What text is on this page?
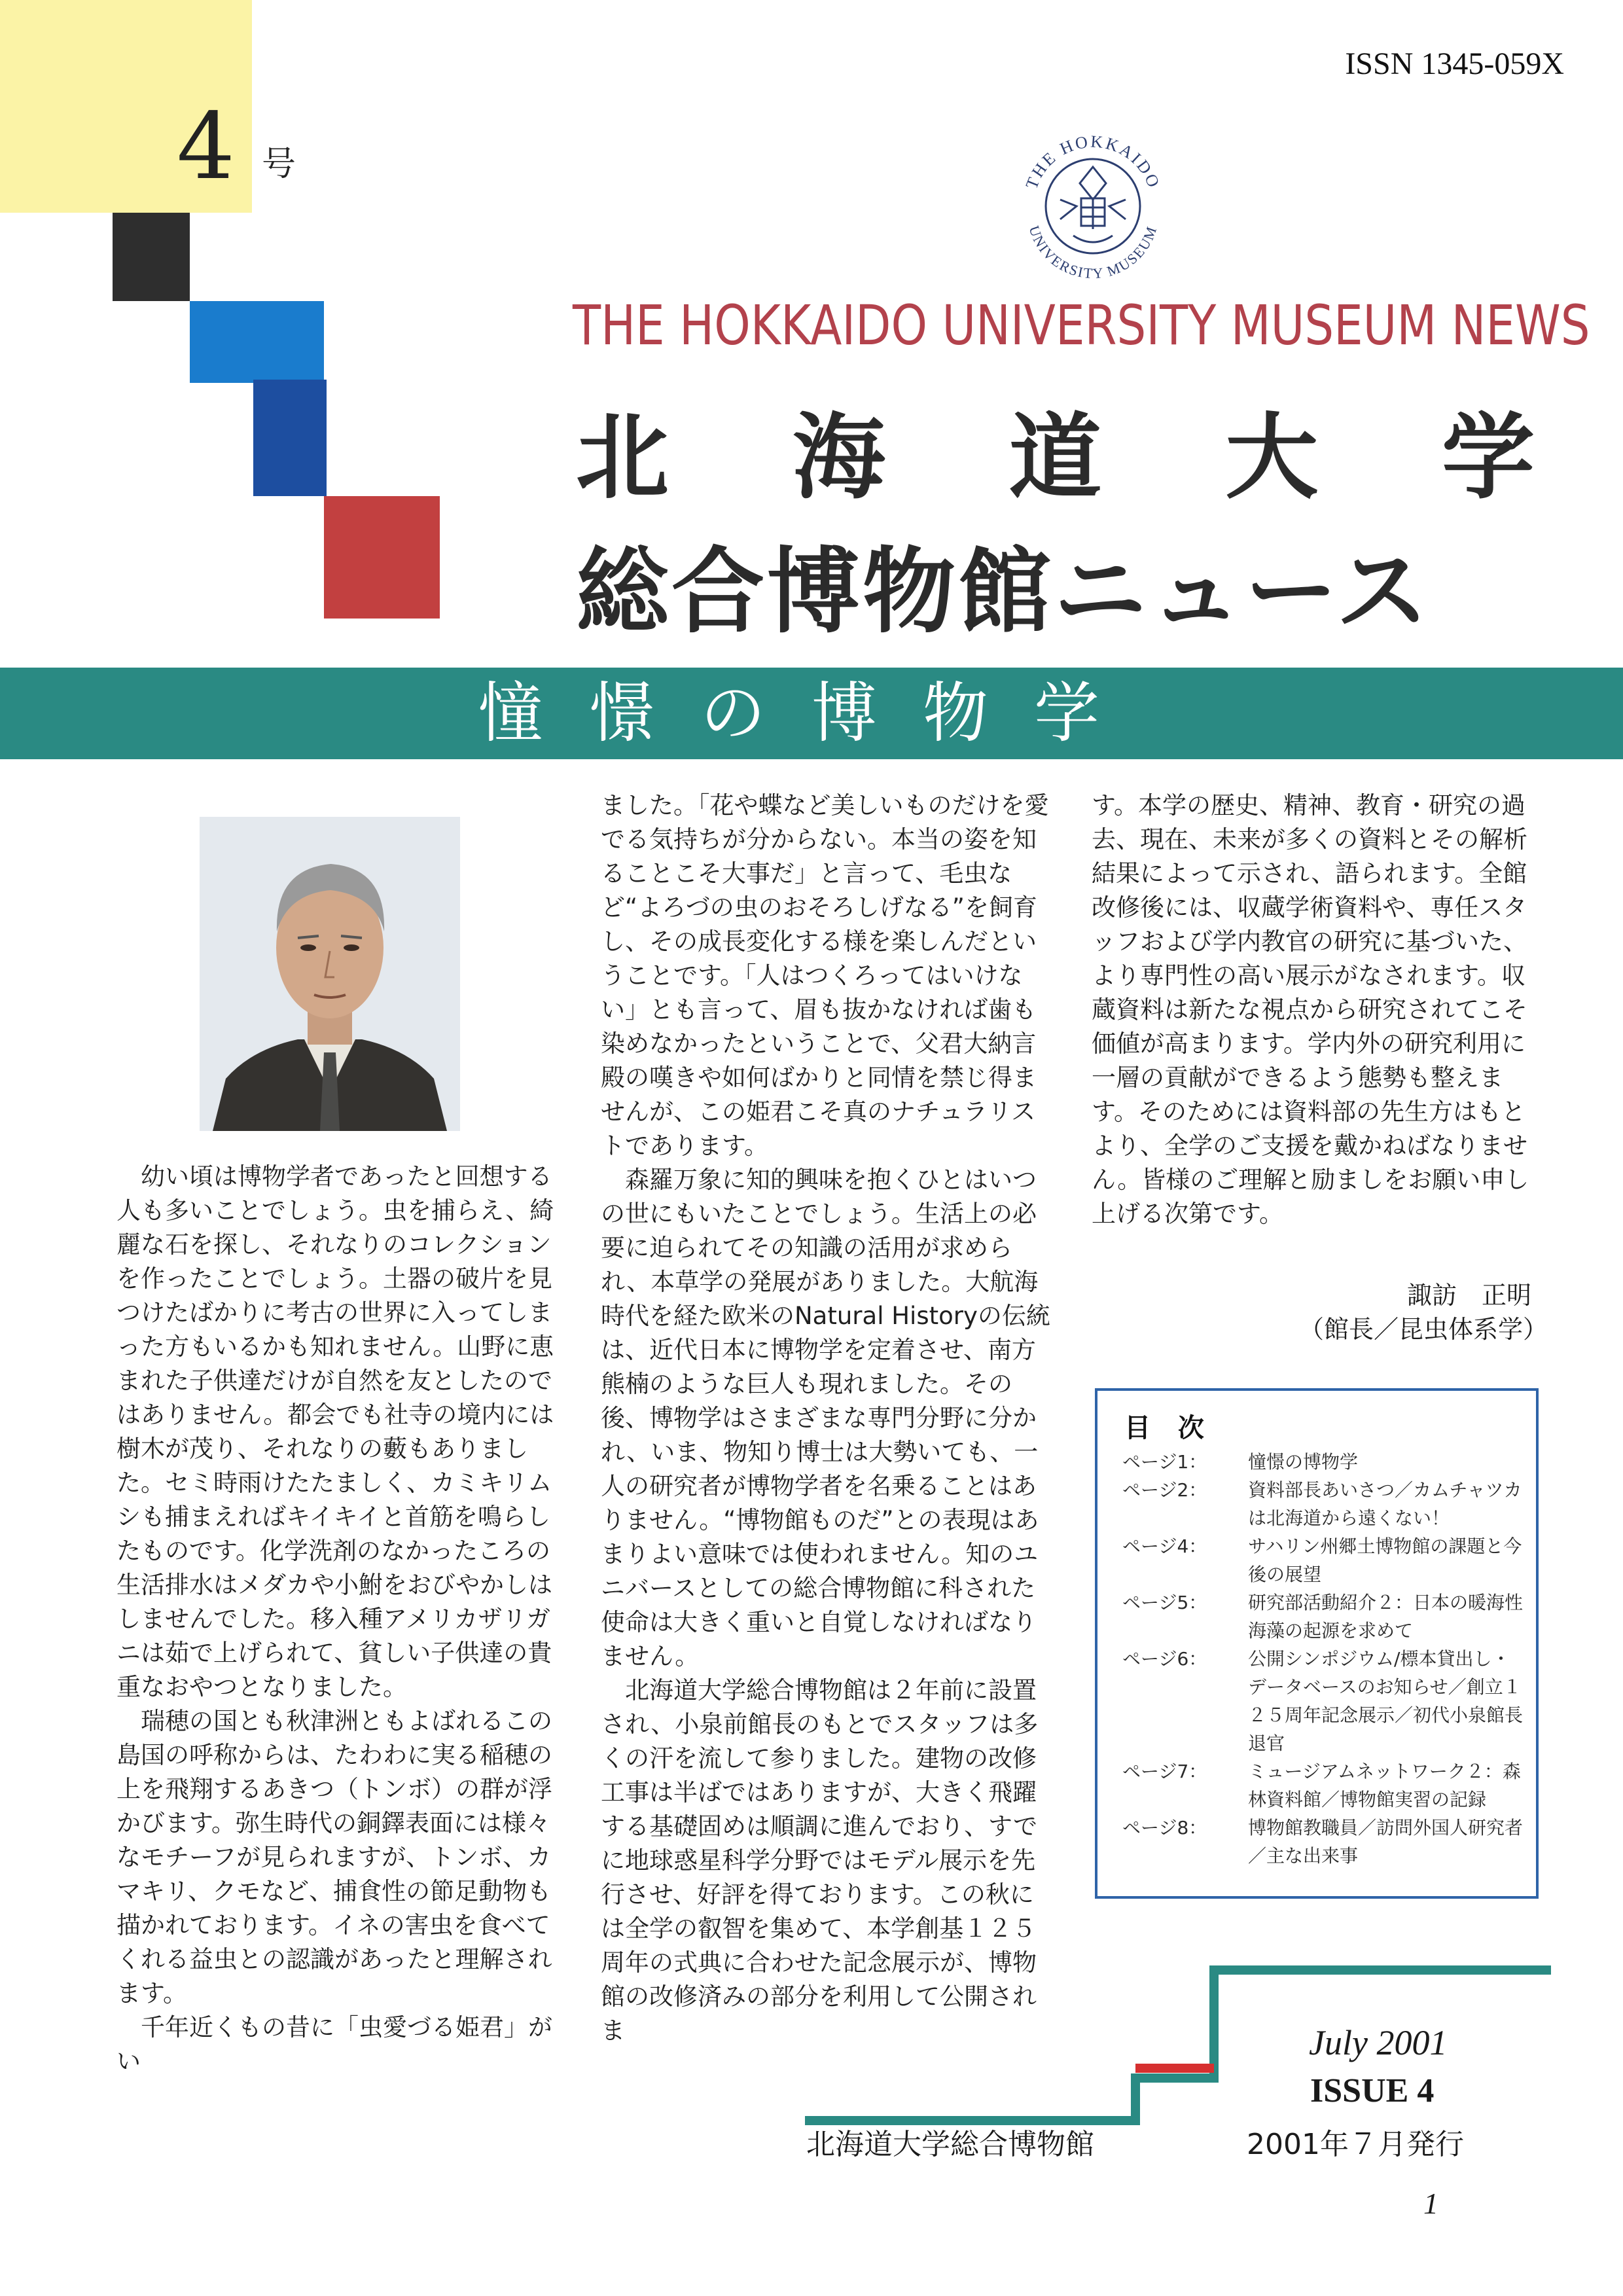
4 号
ISSN 1345-059X
THE HOKKAIDO
UNIVERSITY MUSEUM
THE HOKKAIDO UNIVERSITY MUSEUM NEWS
北 海 道 大 学
総合博物館ニュース
憧憬の博物学

幼い頃は博物学者であったと回想する人も多いことでしょう。虫を捕らえ、綺麗な石を探し、それなりのコレクションを作ったことでしょう。土器の破片を見つけたばかりに考古の世界に入ってしまった方もいるかも知れません。山野に恵まれた子供達だけが自然を友としたのではありません。都会でも社寺の境内には樹木が茂り、それなりの藪もありました。セミ時雨けたたましく、カミキリムシも捕まえればキイキイと首筋を鳴らしたものです。化学洗剤のなかったころの生活排水はメダカや小鮒をおびやかしはしませんでした。移入種アメリカザリガニは茹で上げられて、貧しい子供達の貴重なおやつとなりました。

瑞穂の国とも秋津洲ともよばれるこの島国の呼称からは、たわわに実る稲穂の上を飛翔するあきつ（トンボ）の群が浮かびます。弥生時代の銅鐸表面には様々なモチーフが見られますが、トンボ、カマキリ、クモなど、捕食性の節足動物も描かれております。イネの害虫を食べてくれる益虫との認識があったと理解されます。

千年近くもの昔に「虫愛づる姫君」がい

ました。「花や蝶など美しいものだけを愛でる気持ちが分からない。本当の姿を知ることこそ大事だ」と言って、毛虫など“よろづの虫のおそろしげなる”を飼育し、その成長変化する様を楽しんだということです。「人はつくろってはいけない」とも言って、眉も抜かなければ歯も染めなかったということで、父君大納言殿の嘆きや如何ばかりと同情を禁じ得ませんが、この姫君こそ真のナチュラリストであります。

森羅万象に知的興味を抱くひとはいつの世にもいたことでしょう。生活上の必要に迫られてその知識の活用が求められ、本草学の発展がありました。大航海時代を経た欧米のNatural Historyの伝統は、近代日本に博物学を定着させ、南方熊楠のような巨人も現れました。その後、博物学はさまざまな専門分野に分かれ、いま、物知り博士は大勢いても、一人の研究者が博物学者を名乗ることはありません。“博物館ものだ”との表現はあまりよい意味では使われません。知のユニバースとしての総合博物館に科された使命は大きく重いと自覚しなければなりません。

北海道大学総合博物館は２年前に設置され、小泉前館長のもとでスタッフは多くの汗を流して参りました。建物の改修工事は半ばではありますが、大きく飛躍する基礎固めは順調に進んでおり、すでに地球惑星科学分野ではモデル展示を先行させ、好評を得ております。この秋には全学の叡智を集めて、本学創基１２５周年の式典に合わせた記念展示が、博物館の改修済みの部分を利用して公開されま

す。本学の歴史、精神、教育・研究の過去、現在、未来が多くの資料とその解析結果によって示され、語られます。全館改修後には、収蔵学術資料や、専任スタッフおよび学内教官の研究に基づいた、より専門性の高い展示がなされます。収蔵資料は新たな視点から研究されてこそ価値が高まります。学内外の研究利用に一層の貢献ができるよう態勢も整えます。そのためには資料部の先生方はもとより、全学のご支援を戴かねばなりません。皆様のご理解と励ましをお願い申し上げる次第です。

諏訪　正明
（館長／昆虫体系学）
目 次
ページ1：	憧憬の博物学
ページ2：	資料部長あいさつ／カムチャツカは北海道から遠くない！
ページ4：	サハリン州郷土博物館の課題と今後の展望
ページ5：	研究部活動紹介２：日本の暖海性海藻の起源を求めて
ページ6：	公開シンポジウム/標本貸出し・データベースのお知らせ／創立１２５周年記念展示／初代小泉館長退官
ページ7：	ミュージアムネットワーク２：森林資料館／博物館実習の記録
ページ8：	博物館教職員／訪問外国人研究者／主な出来事
July 2001
ISSUE 4
2001年７月発行
北海道大学総合博物館
1
